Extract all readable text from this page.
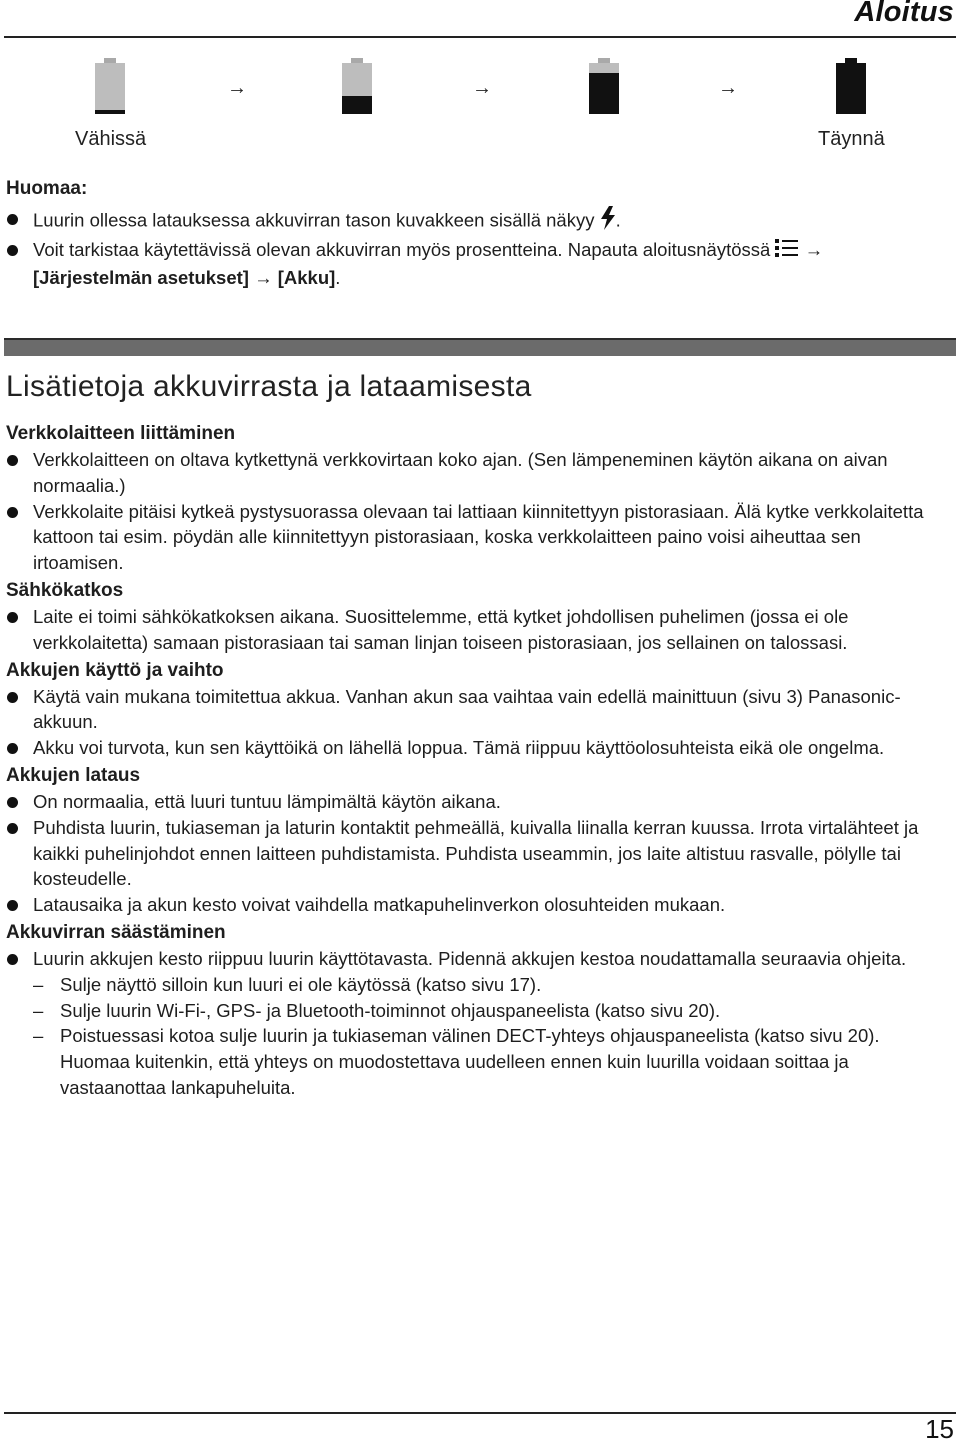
Aloitus
→	→	→
Vähissä	Täynnä
Huomaa:
Luurin ollessa latauksessa akkuvirran tason kuvakkeen sisällä näkyy .
Voit tarkistaa käytettävissä olevan akkuvirran myös prosentteina. Napauta aloitusnäytössä →
[Järjestelmän asetukset] → [Akku].
Lisätietoja akkuvirrasta ja lataamisesta
Verkkolaitteen liittäminen
Verkkolaitteen on oltava kytkettynä verkkovirtaan koko ajan. (Sen lämpeneminen käytön aikana on aivan normaalia.)
Verkkolaite pitäisi kytkeä pystysuorassa olevaan tai lattiaan kiinnitettyyn pistorasiaan. Älä kytke verkkolaitetta kattoon tai esim. pöydän alle kiinnitettyyn pistorasiaan, koska verkkolaitteen paino voisi aiheuttaa sen irtoamisen.
Sähkökatkos
Laite ei toimi sähkökatkoksen aikana. Suosittelemme, että kytket johdollisen puhelimen (jossa ei ole verkkolaitetta) samaan pistorasiaan tai saman linjan toiseen pistorasiaan, jos sellainen on talossasi.
Akkujen käyttö ja vaihto
Käytä vain mukana toimitettua akkua. Vanhan akun saa vaihtaa vain edellä mainittuun (sivu 3) Panasonic-akkuun.
Akku voi turvota, kun sen käyttöikä on lähellä loppua. Tämä riippuu käyttöolosuhteista eikä ole ongelma.
Akkujen lataus
On normaalia, että luuri tuntuu lämpimältä käytön aikana.
Puhdista luurin, tukiaseman ja laturin kontaktit pehmeällä, kuivalla liinalla kerran kuussa. Irrota virtalähteet ja kaikki puhelinjohdot ennen laitteen puhdistamista. Puhdista useammin, jos laite altistuu rasvalle, pölylle tai kosteudelle.
Latausaika ja akun kesto voivat vaihdella matkapuhelinverkon olosuhteiden mukaan.
Akkuvirran säästäminen
Luurin akkujen kesto riippuu luurin käyttötavasta. Pidennä akkujen kestoa noudattamalla seuraavia ohjeita.
– Sulje näyttö silloin kun luuri ei ole käytössä (katso sivu 17).
– Sulje luurin Wi-Fi-, GPS- ja Bluetooth-toiminnot ohjauspaneelista (katso sivu 20).
– Poistuessasi kotoa sulje luurin ja tukiaseman välinen DECT-yhteys ohjauspaneelista (katso sivu 20). Huomaa kuitenkin, että yhteys on muodostettava uudelleen ennen kuin luurilla voidaan soittaa ja vastaanottaa lankapuheluita.
15
